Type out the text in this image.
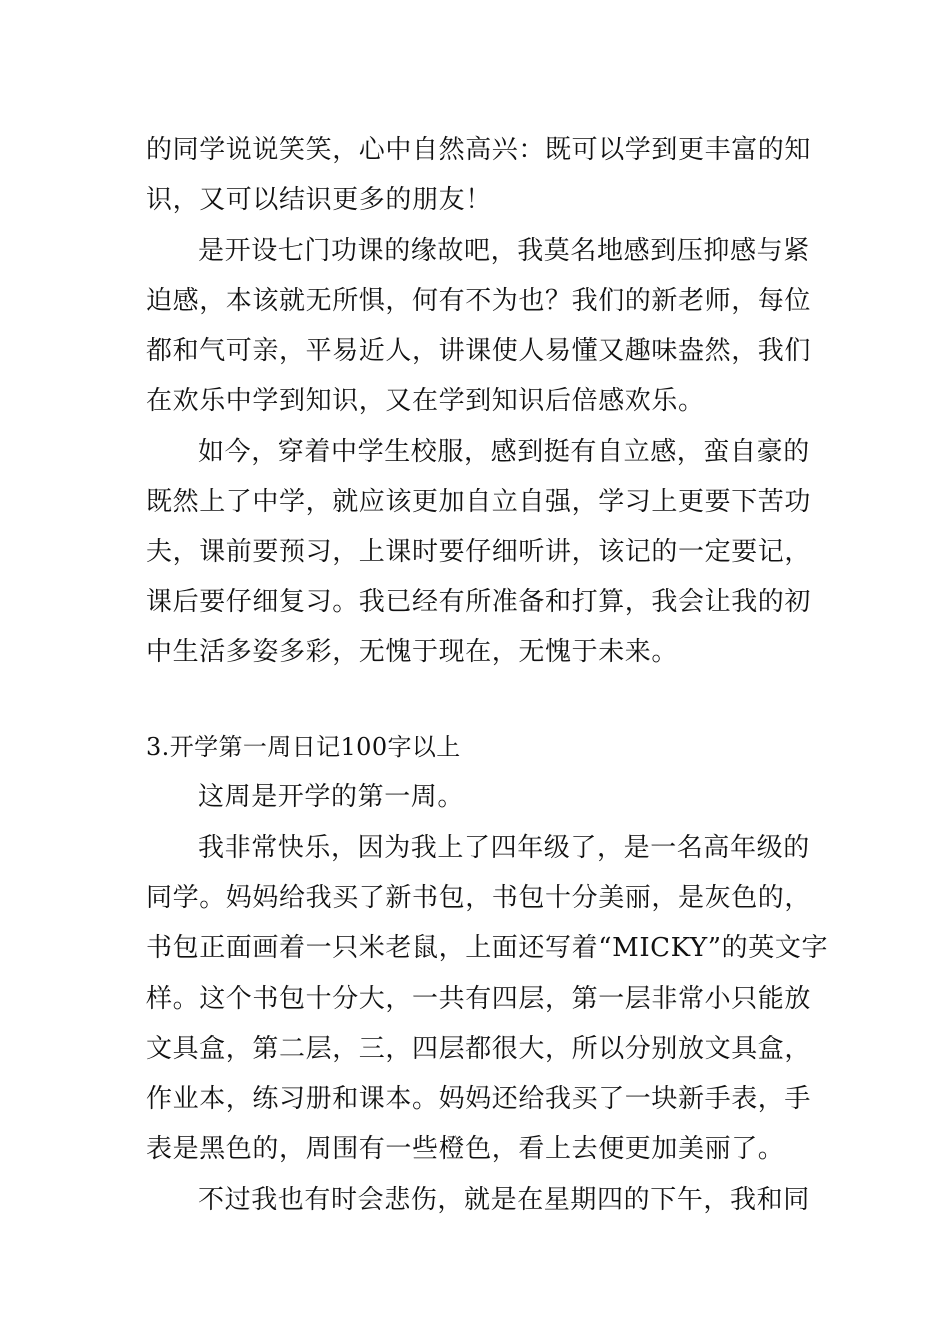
的同学说说笑笑，心中自然高兴：既可以学到更丰富的知
识，又可以结识更多的朋友！
是开设七门功课的缘故吧，我莫名地感到压抑感与紧
迫感，本该就无所惧，何有不为也？我们的新老师，每位
都和气可亲，平易近人，讲课使人易懂又趣味盎然，我们
在欢乐中学到知识，又在学到知识后倍感欢乐。
如今，穿着中学生校服，感到挺有自立感，蛮自豪的
既然上了中学，就应该更加自立自强，学习上更要下苦功
夫，课前要预习，上课时要仔细听讲，该记的一定要记，
课后要仔细复习。我已经有所准备和打算，我会让我的初
中生活多姿多彩，无愧于现在，无愧于未来。
3.开学第一周日记100字以上
这周是开学的第一周。
我非常快乐，因为我上了四年级了，是一名高年级的
同学。妈妈给我买了新书包，书包十分美丽，是灰色的，
书包正面画着一只米老鼠，上面还写着“MICKY”的英文字
样。这个书包十分大，一共有四层，第一层非常小只能放
文具盒，第二层，三，四层都很大，所以分别放文具盒，
作业本，练习册和课本。妈妈还给我买了一块新手表，手
表是黑色的，周围有一些橙色，看上去便更加美丽了。
不过我也有时会悲伤，就是在星期四的下午，我和同
